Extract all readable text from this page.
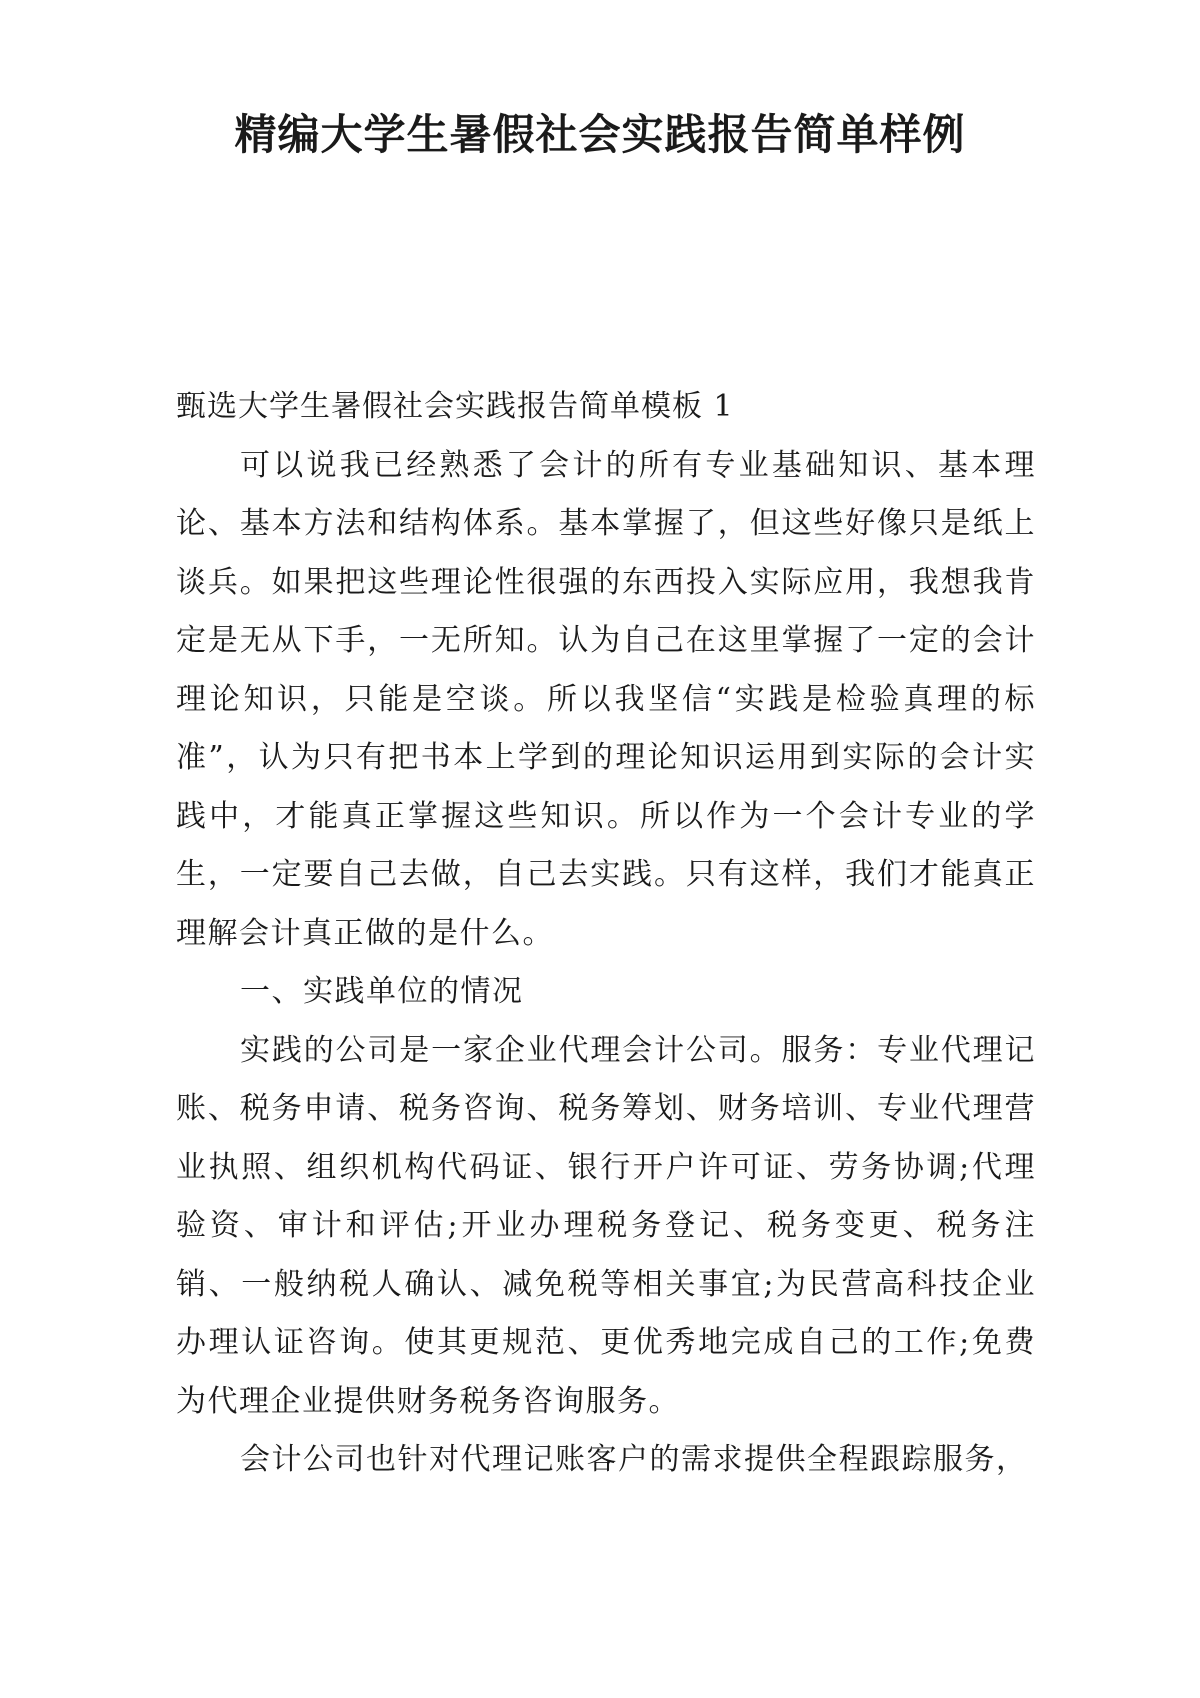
精编大学生暑假社会实践报告简单样例

甄选大学生暑假社会实践报告简单模板 1

可以说我已经熟悉了会计的所有专业基础知识、基本理论、基本方法和结构体系。基本掌握了，但这些好像只是纸上谈兵。如果把这些理论性很强的东西投入实际应用，我想我肯定是无从下手，一无所知。认为自己在这里掌握了一定的会计理论知识，只能是空谈。所以我坚信“实践是检验真理的标准”，认为只有把书本上学到的理论知识运用到实际的会计实践中，才能真正掌握这些知识。所以作为一个会计专业的学生，一定要自己去做，自己去实践。只有这样，我们才能真正理解会计真正做的是什么。

一、实践单位的情况

实践的公司是一家企业代理会计公司。服务：专业代理记账、税务申请、税务咨询、税务筹划、财务培训、专业代理营业执照、组织机构代码证、银行开户许可证、劳务协调;代理验资、审计和评估;开业办理税务登记、税务变更、税务注销、一般纳税人确认、减免税等相关事宜;为民营高科技企业办理认证咨询。使其更规范、更优秀地完成自己的工作;免费为代理企业提供财务税务咨询服务。

会计公司也针对代理记账客户的需求提供全程跟踪服务，
